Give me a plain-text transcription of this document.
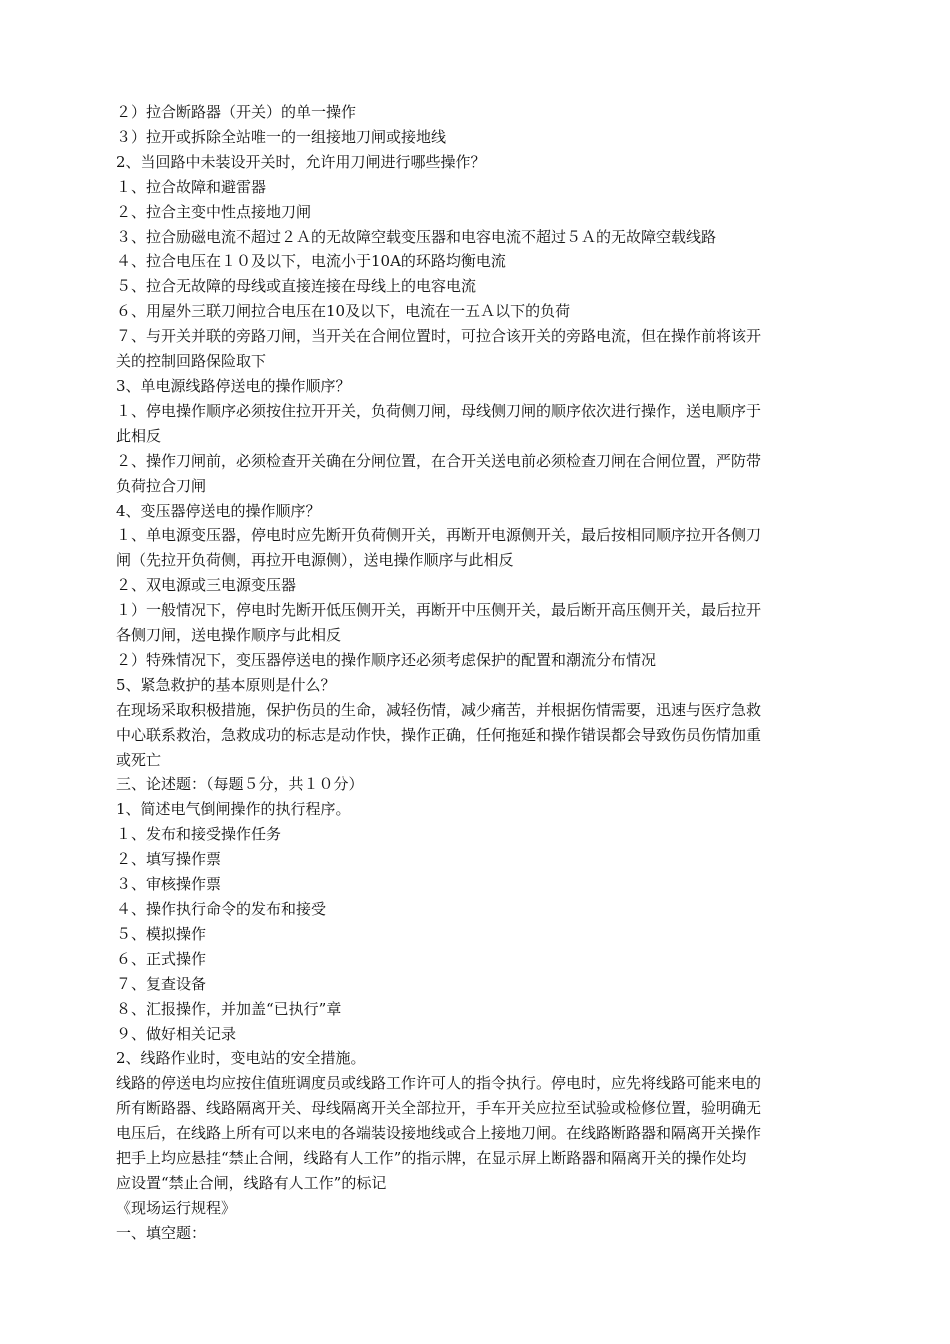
２）拉合断路器（开关）的单一操作
３）拉开或拆除全站唯一的一组接地刀闸或接地线
2、当回路中未装设开关时，允许用刀闸进行哪些操作？
１、拉合故障和避雷器
２、拉合主变中性点接地刀闸
３、拉合励磁电流不超过２Ａ的无故障空载变压器和电容电流不超过５Ａ的无故障空载线路
４、拉合电压在１０及以下，电流小于10A的环路均衡电流
５、拉合无故障的母线或直接连接在母线上的电容电流
６、用屋外三联刀闸拉合电压在10及以下，电流在一五Ａ以下的负荷
７、与开关并联的旁路刀闸，当开关在合闸位置时，可拉合该开关的旁路电流，但在操作前将该开
关的控制回路保险取下
3、单电源线路停送电的操作顺序？
１、停电操作顺序必须按住拉开开关，负荷侧刀闸，母线侧刀闸的顺序依次进行操作，送电顺序于
此相反
２、操作刀闸前，必须检查开关确在分闸位置，在合开关送电前必须检查刀闸在合闸位置，严防带
负荷拉合刀闸
4、变压器停送电的操作顺序？
１、单电源变压器，停电时应先断开负荷侧开关，再断开电源侧开关，最后按相同顺序拉开各侧刀
闸（先拉开负荷侧，再拉开电源侧），送电操作顺序与此相反
２、双电源或三电源变压器
１）一般情况下，停电时先断开低压侧开关，再断开中压侧开关，最后断开高压侧开关，最后拉开
各侧刀闸，送电操作顺序与此相反
２）特殊情况下，变压器停送电的操作顺序还必须考虑保护的配置和潮流分布情况
5、紧急救护的基本原则是什么？
在现场采取积极措施，保护伤员的生命，减轻伤情，减少痛苦，并根据伤情需要，迅速与医疗急救
中心联系救治，急救成功的标志是动作快，操作正确，任何拖延和操作错误都会导致伤员伤情加重
或死亡
三、论述题：（每题５分，共１０分）
1、简述电气倒闸操作的执行程序。
１、发布和接受操作任务
２、填写操作票
３、审核操作票
４、操作执行命令的发布和接受
５、模拟操作
６、正式操作
７、复查设备
８、汇报操作，并加盖“已执行”章
９、做好相关记录
2、线路作业时，变电站的安全措施。
线路的停送电均应按住值班调度员或线路工作许可人的指令执行。停电时，应先将线路可能来电的
所有断路器、线路隔离开关、母线隔离开关全部拉开，手车开关应拉至试验或检修位置，验明确无
电压后，在线路上所有可以来电的各端装设接地线或合上接地刀闸。在线路断路器和隔离开关操作
把手上均应悬挂“禁止合闸，线路有人工作”的指示牌，在显示屏上断路器和隔离开关的操作处均
应设置“禁止合闸，线路有人工作”的标记
《现场运行规程》
一、填空题：
